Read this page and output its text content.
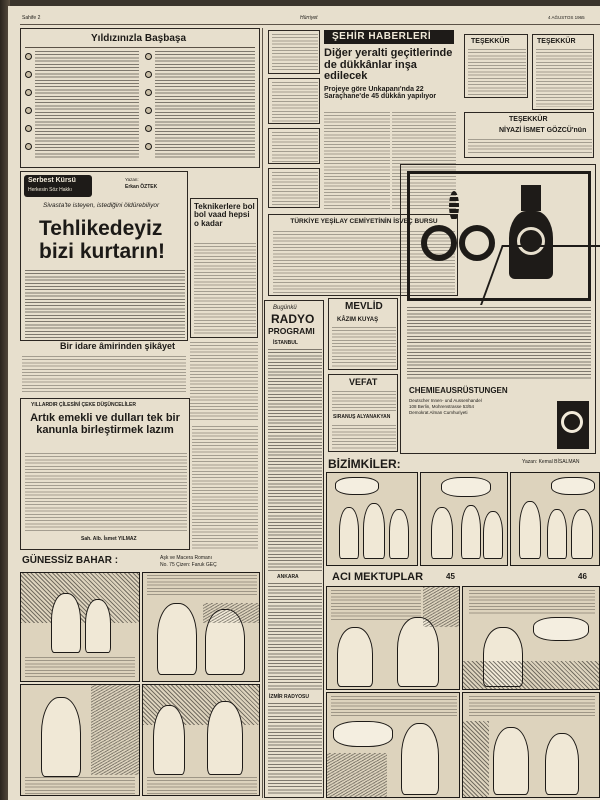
Sahife 2	Hürriyet	4 AĞUSTOS 1965
Yıldızınızla Başbaşa
Serbest Kürsü
Herkesin Söz Hakkı
Yazan:
Erkan ÖZTEK
Sivasta'te isteyen, istediğini öldürebiliyor
Tehlikedeyiz bizi kurtarın!
Teknikerlere bol bol vaad hepsi o kadar
Bir idare âmirinden şikâyet
YILLARDIR ÇİLESİNİ ÇEKE DÜŞÜNCELİLER
Artık emekli ve dulları tek bir kanunla birleştirmek lazım
Sah. Alb. İsmet YILMAZ
GÜNESSİZ BAHAR :	Aşk ve Macera Romanı
No. 75 Çizen: Faruk GEÇ
ŞEHİR HABERLERİ
Diğer yeralti geçitlerinde de dükkânlar inşa edilecek
Projeye göre Unkapanı'nda 22 Saraçhane'de 45 dükkân yapılıyor
TÜRKİYE YEŞİLAY CEMİYETİNİN İSVEÇ BURSU
Bugünkü
RADYO
PROGRAMI
İSTANBUL
ANKARA
İZMİR RADYOSU
MEVLİD
KÂZIM KUYAŞ
VEFAT
SIRANUŞ ALYANAKYAN
TEŞEKKÜR	TEŞEKKÜR
TEŞEKKÜR
NİYAZİ İSMET GÖZCÜ'nün
CHEMIEAUSRÜSTUNGEN
Deutscher Innen- und Aussenhandel
108 Berlin, Mohrenstrasse 53/54
Demokrat Alman Cumhuriyeti
BİZİMKİLER:	Yazan: Kemal BİSALMAN
ACI MEKTUPLAR	45	46
